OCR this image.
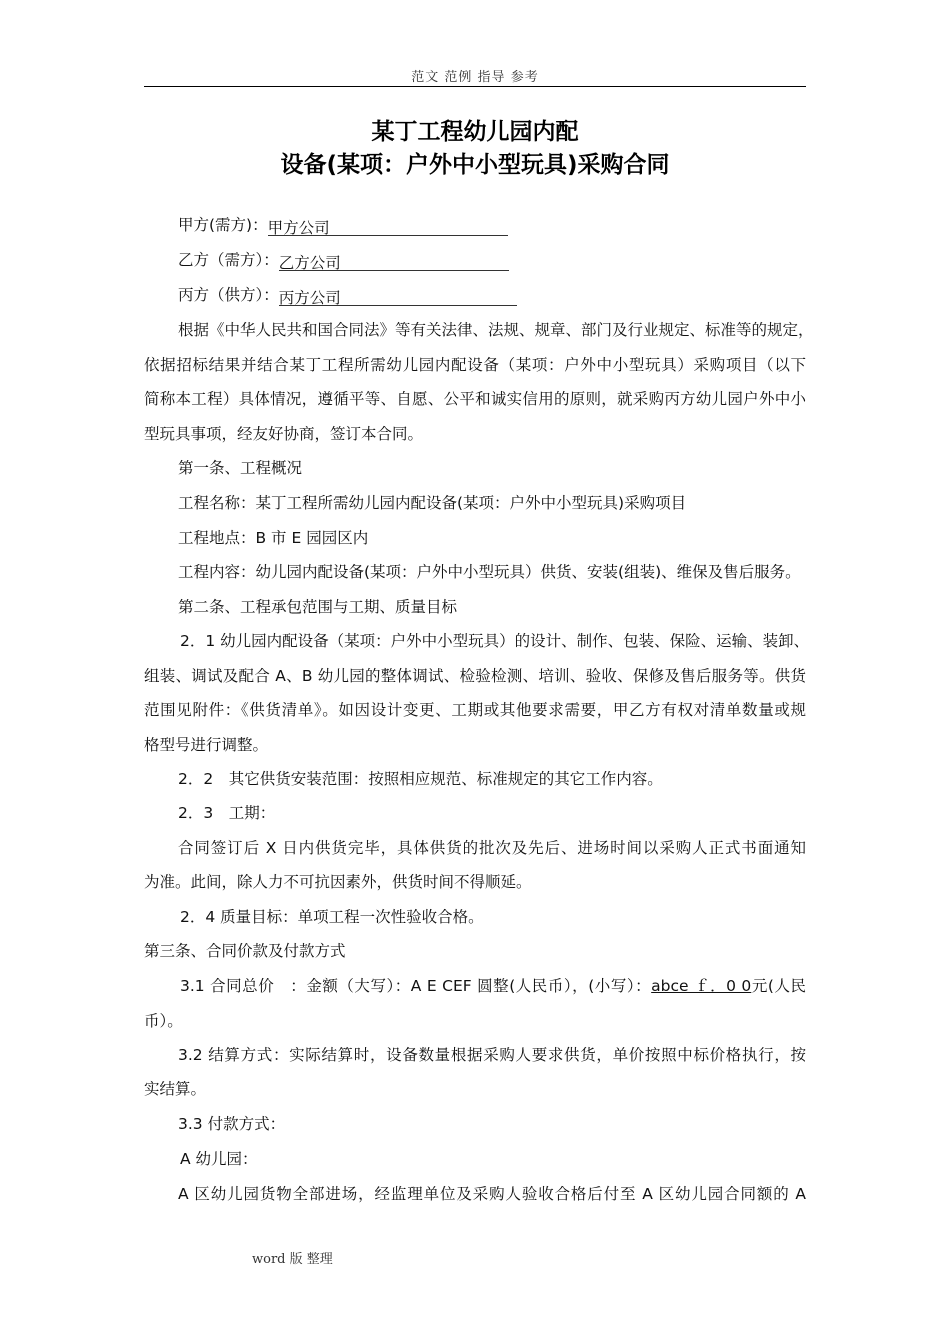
范文 范例 指导 参考
某丁工程幼儿园内配
设备(某项：户外中小型玩具)采购合同
甲方(需方)：甲方公司
乙方（需方）：乙方公司
丙方（供方）：丙方公司
根据《中华人民共和国合同法》等有关法律、法规、规章、部门及行业规定、标准等的规定，
依据招标结果并结合某丁工程所需幼儿园内配设备（某项：户外中小型玩具）采购项目（以下
简称本工程）具体情况，遵循平等、自愿、公平和诚实信用的原则，就采购丙方幼儿园户外中小
型玩具事项，经友好协商，签订本合同。
第一条、工程概况
工程名称：某丁工程所需幼儿园内配设备(某项：户外中小型玩具)采购项目
工程地点：B 市 E 园园区内
工程内容：幼儿园内配设备(某项：户外中小型玩具）供货、安装(组装)、维保及售后服务。
第二条、工程承包范围与工期、质量目标
2．1 幼儿园内配设备（某项：户外中小型玩具）的设计、制作、包装、保险、运输、装卸、
组装、调试及配合 A、B 幼儿园的整体调试、检验检测、培训、验收、保修及售后服务等。供货
范围见附件：《供货清单》。如因设计变更、工期或其他要求需要，甲乙方有权对清单数量或规
格型号进行调整。
2．2　其它供货安装范围：按照相应规范、标准规定的其它工作内容。
2．3　工期：
合同签订后 X 日内供货完毕，具体供货的批次及先后、进场时间以采购人正式书面通知
为准。此间，除人力不可抗因素外，供货时间不得顺延。
2．4 质量目标：单项工程一次性验收合格。
第三条、合同价款及付款方式
3.1 合同总价　：金额（大写）：A E CEF 圆整(人民币），(小写）：abce ｆ．0 0元(人民
币）。
3.2 结算方式：实际结算时，设备数量根据采购人要求供货，单价按照中标价格执行，按
实结算。
3.3 付款方式：
A 幼儿园：
A 区幼儿园货物全部进场，经监理单位及采购人验收合格后付至 A 区幼儿园合同额的 A
word 版 整理
